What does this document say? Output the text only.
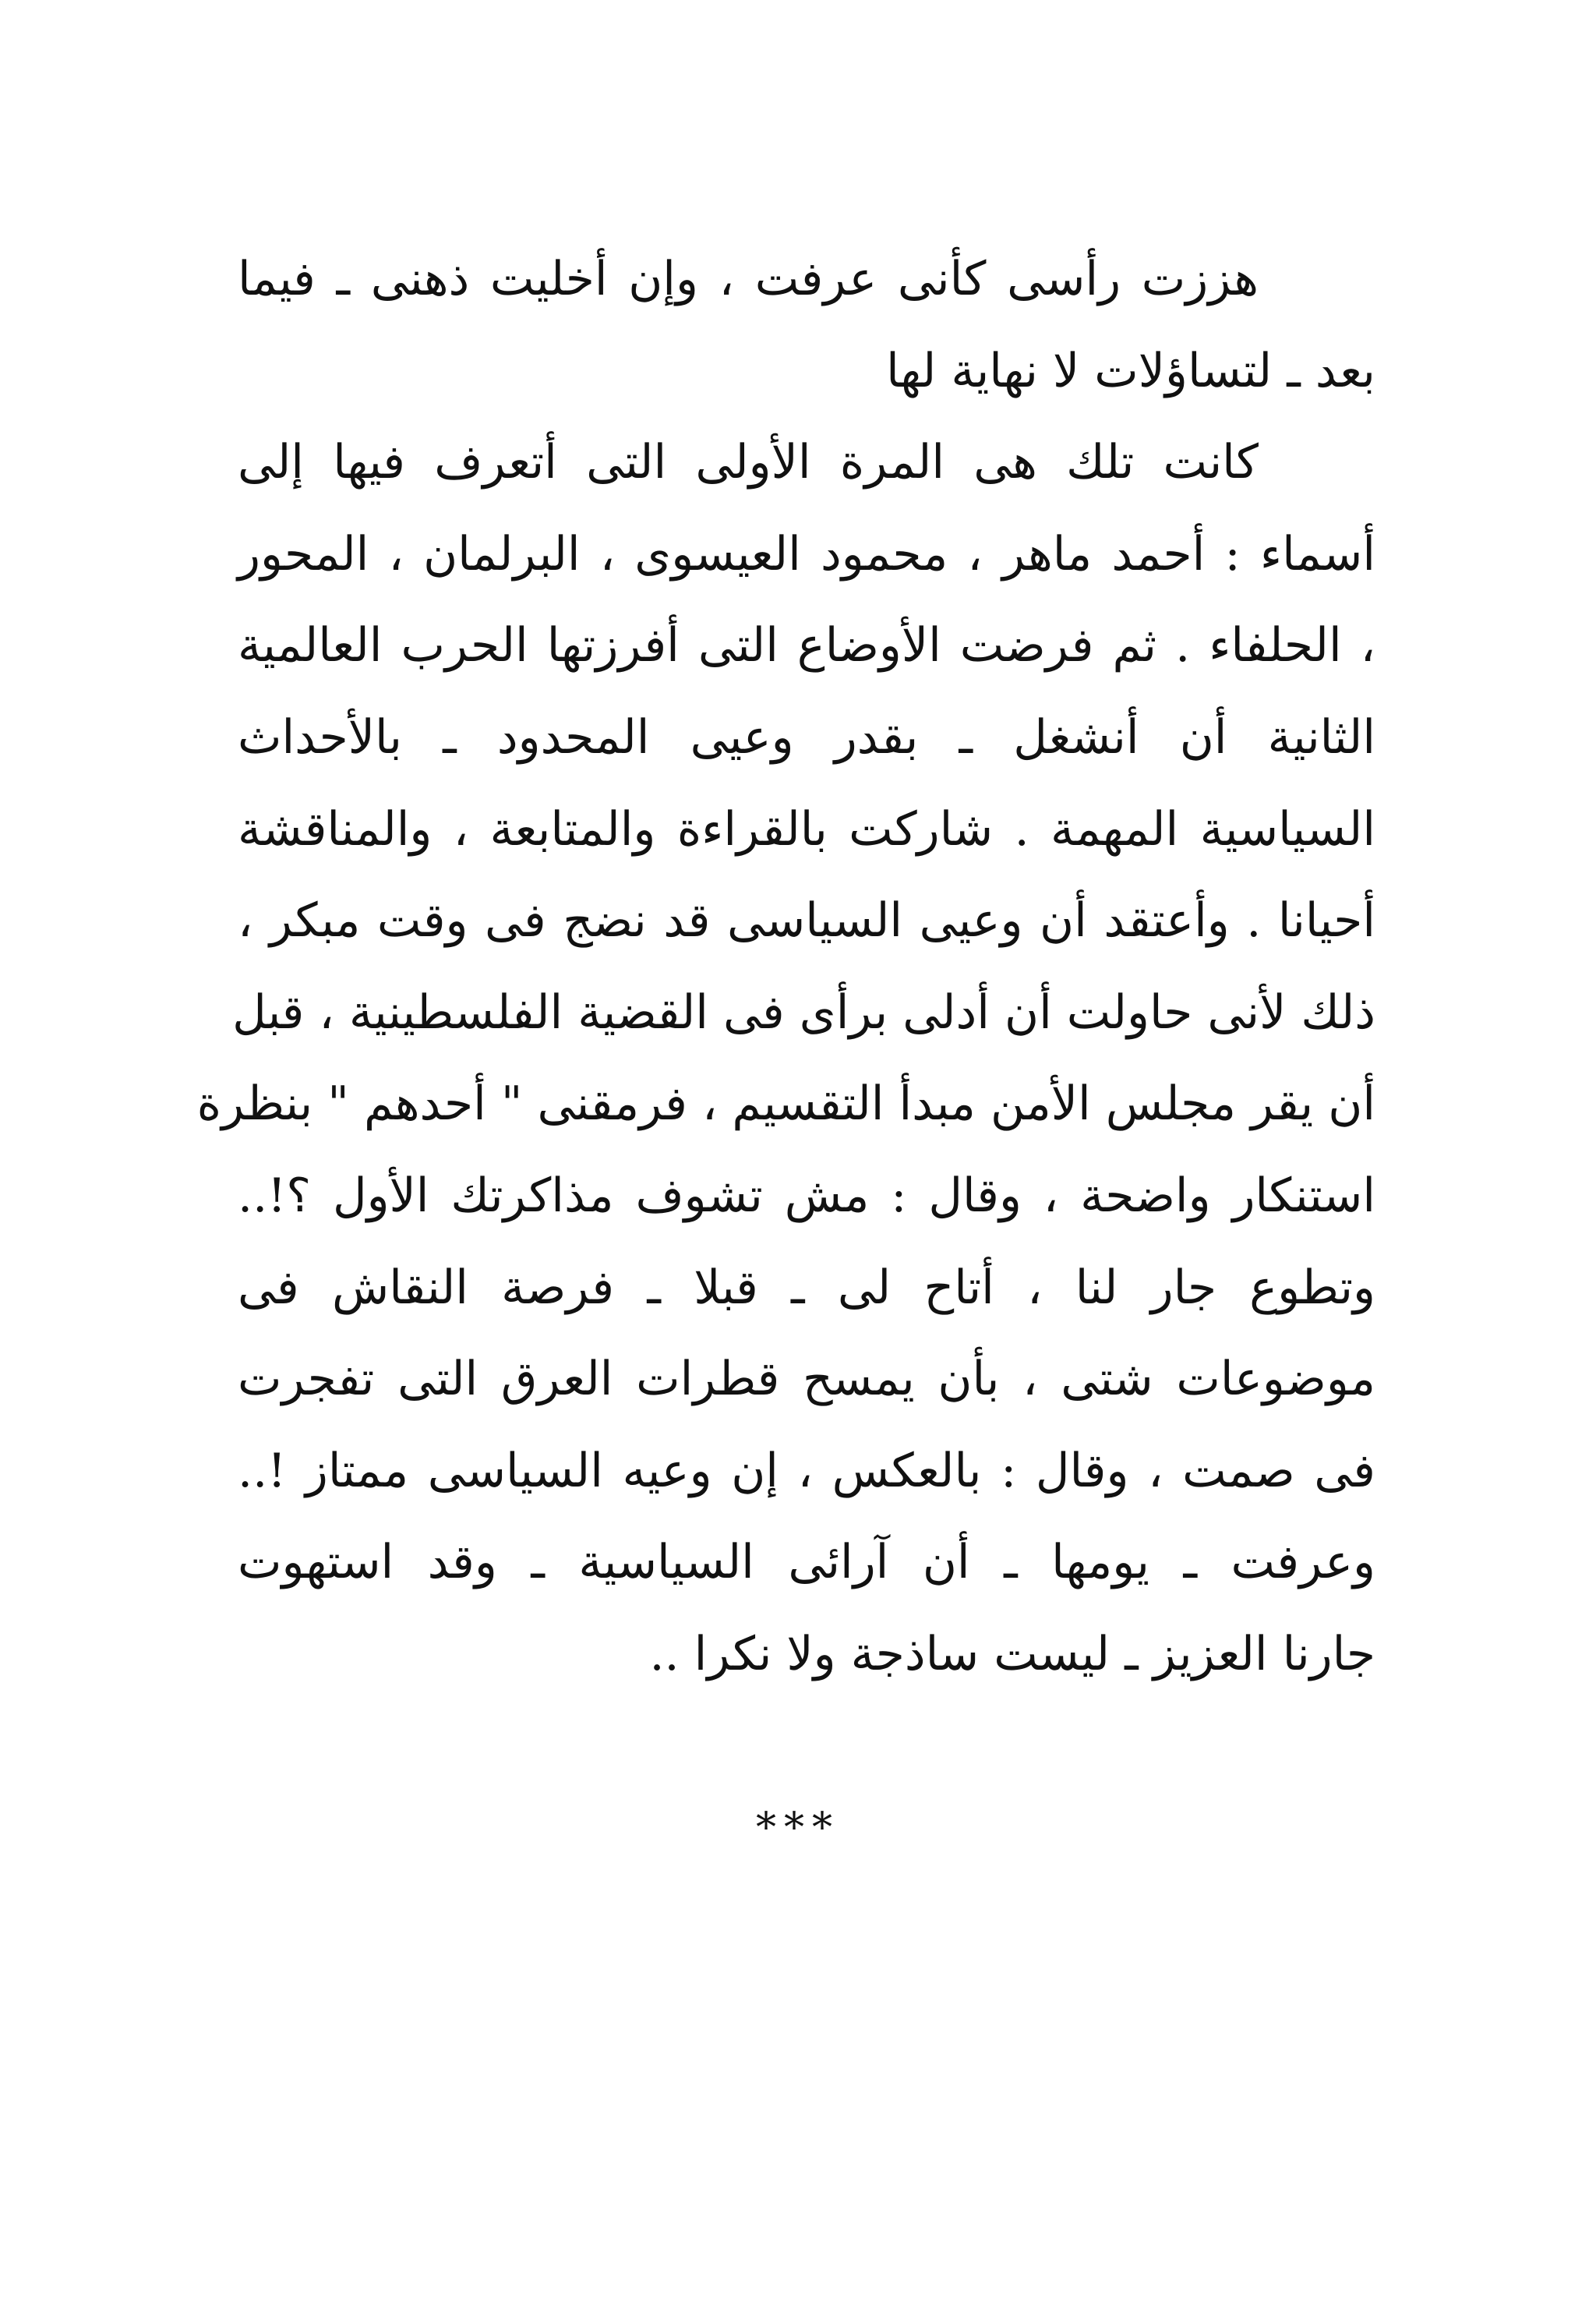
هززت رأسى كأنى عرفت ، وإن أخليت ذهنى ـ فيما
بعد ـ لتساؤلات لا نهاية لها
كانت تلك هى المرة الأولى التى أتعرف فيها إلى
أسماء : أحمد ماهر ، محمود العيسوى ، البرلمان ، المحور
، الحلفاء . ثم فرضت الأوضاع التى أفرزتها الحرب العالمية
الثانية أن أنشغل ـ بقدر وعيى المحدود ـ بالأحداث
السياسية المهمة . شاركت بالقراءة والمتابعة ، والمناقشة
أحيانا . وأعتقد أن وعيى السياسى قد نضج فى وقت مبكر ،
ذلك لأنى حاولت أن أدلى برأى فى القضية الفلسطينية ، قبل
أن يقر مجلس الأمن مبدأ التقسيم ، فرمقنى " أحدهم " بنظرة
استنكار واضحة ، وقال : مش تشوف مذاكرتك الأول ؟!..
وتطوع جار لنا ، أتاح لى ـ قبلا ـ فرصة النقاش فى
موضوعات شتى ، بأن يمسح قطرات العرق التى تفجرت
فى صمت ، وقال : بالعكس ، إن وعيه السياسى ممتاز !..
وعرفت ـ يومها ـ أن آرائى السياسية ـ وقد استهوت
جارنا العزيز ـ ليست ساذجة ولا نكرا ..
***
